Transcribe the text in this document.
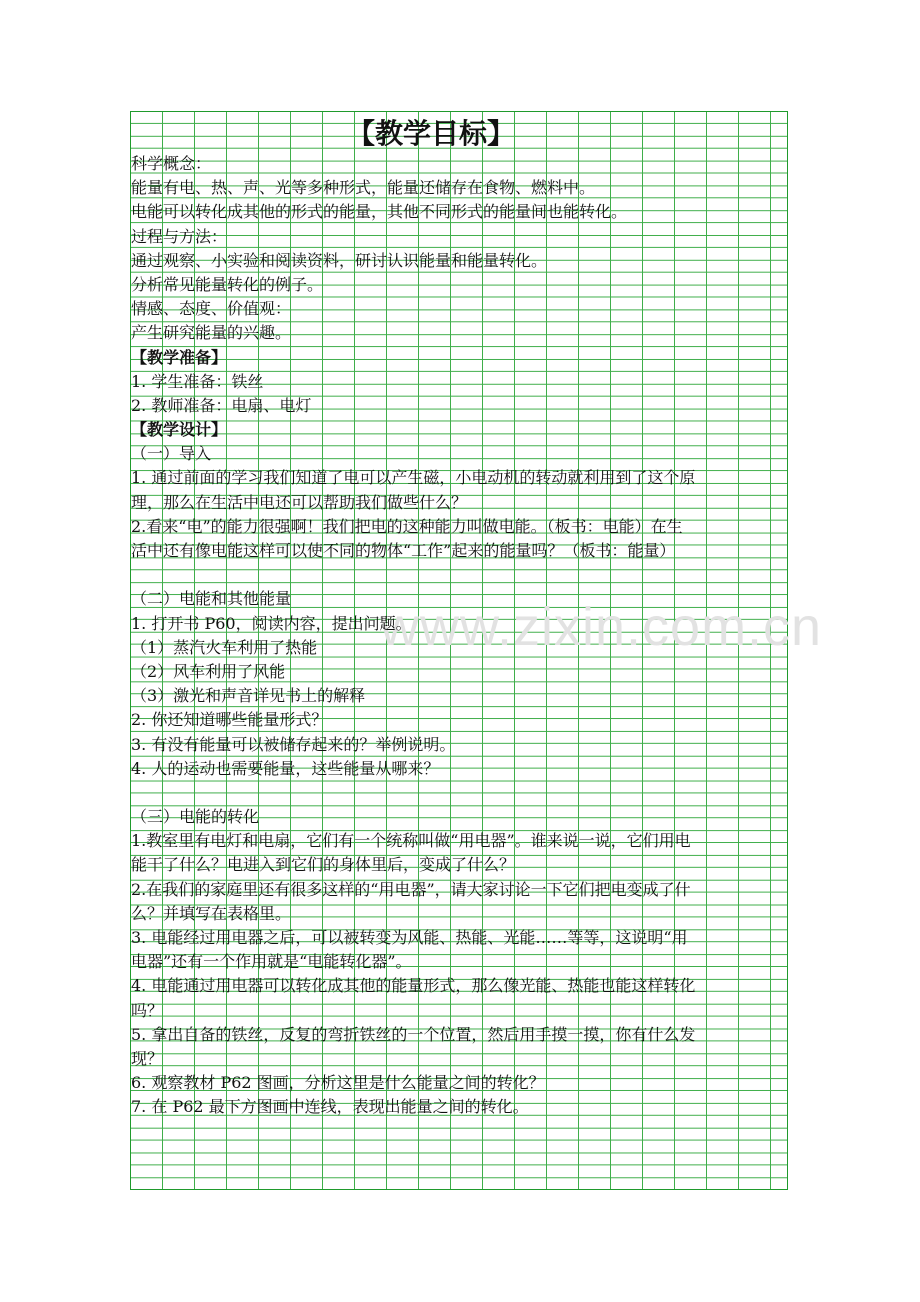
www.zixin.com.cn
【教学目标】
科学概念：
能量有电、热、声、光等多种形式，能量还储存在食物、燃料中。
电能可以转化成其他的形式的能量，其他不同形式的能量间也能转化。
过程与方法：
通过观察、小实验和阅读资料，研讨认识能量和能量转化。
分析常见能量转化的例子。
情感、态度、价值观：
产生研究能量的兴趣。
【教学准备】
1. 学生准备：铁丝
2. 教师准备：电扇、电灯
【教学设计】
（一）导入
1. 通过前面的学习我们知道了电可以产生磁，小电动机的转动就利用到了这个原
理，那么在生活中电还可以帮助我们做些什么？
2.看来“电”的能力很强啊！我们把电的这种能力叫做电能。（板书：电能）在生
活中还有像电能这样可以使不同的物体“工作”起来的能量吗？（板书：能量）
（二）电能和其他能量
1. 打开书 P60，阅读内容，提出问题。
（1）蒸汽火车利用了热能
（2）风车利用了风能
（3）激光和声音详见书上的解释
2. 你还知道哪些能量形式？
3. 有没有能量可以被储存起来的？举例说明。
4. 人的运动也需要能量，这些能量从哪来？
（三）电能的转化
1.教室里有电灯和电扇，它们有一个统称叫做“用电器”。谁来说一说，它们用电
能干了什么？电进入到它们的身体里后，变成了什么？
2.在我们的家庭里还有很多这样的“用电器”，请大家讨论一下它们把电变成了什
么？并填写在表格里。
3. 电能经过用电器之后，可以被转变为风能、热能、光能……等等，这说明“用
电器”还有一个作用就是“电能转化器”。
4. 电能通过用电器可以转化成其他的能量形式，那么像光能、热能也能这样转化
吗？
5. 拿出自备的铁丝，反复的弯折铁丝的一个位置，然后用手摸一摸，你有什么发
现？
6. 观察教材 P62 图画，分析这里是什么能量之间的转化？
7. 在 P62 最下方图画中连线，表现出能量之间的转化。
